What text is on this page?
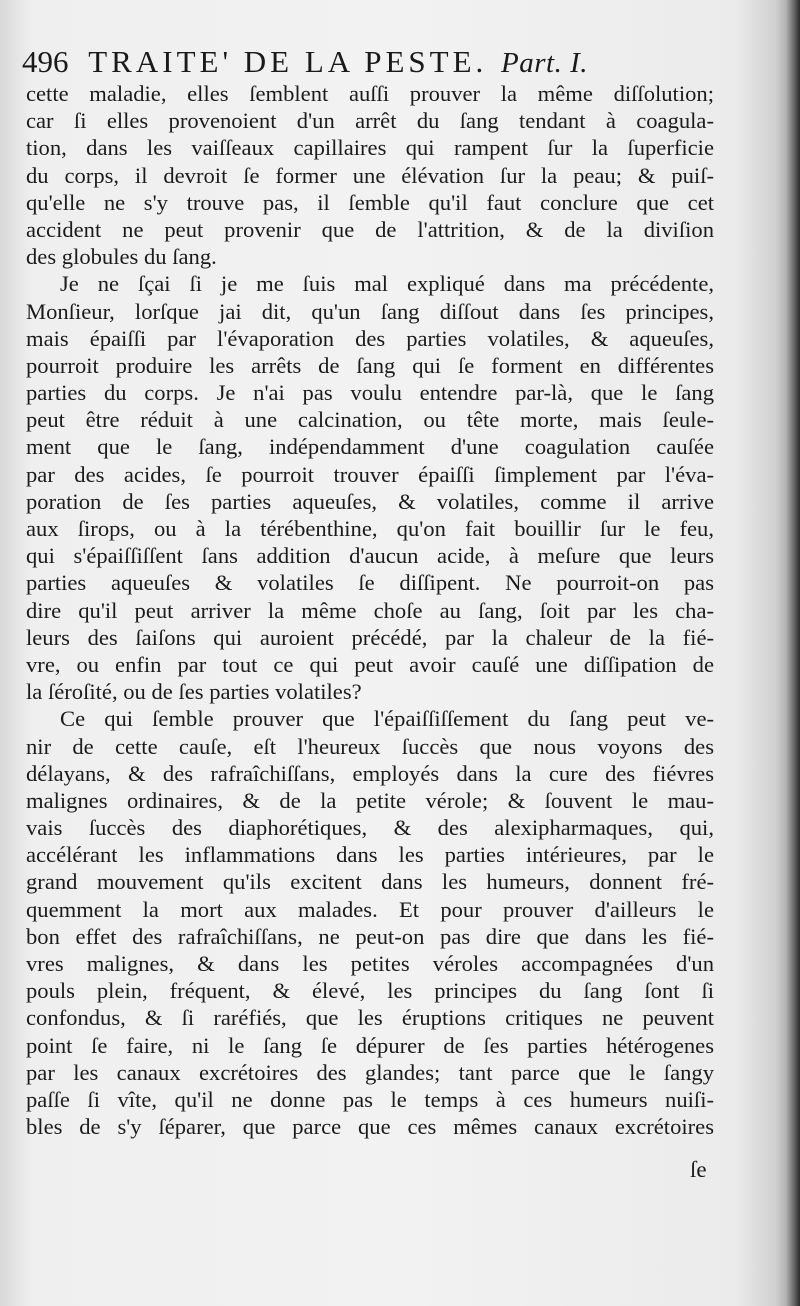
496 TRAITE' DE LA PESTE. Part. I.
cette maladie, elles ſemblent auſſi prouver la même diſſolution;
car ſi elles provenoient d'un arrêt du ſang tendant à coagula-
tion, dans les vaiſſeaux capillaires qui rampent ſur la ſuperficie
du corps, il devroit ſe former une élévation ſur la peau; & puiſ-
qu'elle ne s'y trouve pas, il ſemble qu'il faut conclure que cet
accident ne peut provenir que de l'attrition, & de la diviſion
des globules du ſang.
Je ne ſçai ſi je me ſuis mal expliqué dans ma précédente,
Monſieur, lorſque jai dit, qu'un ſang diſſout dans ſes principes,
mais épaiſſi par l'évaporation des parties volatiles, & aqueuſes,
pourroit produire les arrêts de ſang qui ſe forment en différentes
parties du corps. Je n'ai pas voulu entendre par-là, que le ſang
peut être réduit à une calcination, ou tête morte, mais ſeule-
ment que le ſang, indépendamment d'une coagulation cauſée
par des acides, ſe pourroit trouver épaiſſi ſimplement par l'éva-
poration de ſes parties aqueuſes, & volatiles, comme il arrive
aux ſirops, ou à la térébenthine, qu'on fait bouillir ſur le feu,
qui s'épaiſſiſſent ſans addition d'aucun acide, à meſure que leurs
parties aqueuſes & volatiles ſe diſſipent. Ne pourroit-on pas
dire qu'il peut arriver la même choſe au ſang, ſoit par les cha-
leurs des ſaiſons qui auroient précédé, par la chaleur de la fié-
vre, ou enfin par tout ce qui peut avoir cauſé une diſſipation de
la ſéroſité, ou de ſes parties volatiles?
Ce qui ſemble prouver que l'épaiſſiſſement du ſang peut ve-
nir de cette cauſe, eſt l'heureux ſuccès que nous voyons des
délayans, & des rafraîchiſſans, employés dans la cure des fiévres
malignes ordinaires, & de la petite vérole; & ſouvent le mau-
vais ſuccès des diaphorétiques, & des alexipharmaques, qui,
accélérant les inflammations dans les parties intérieures, par le
grand mouvement qu'ils excitent dans les humeurs, donnent fré-
quemment la mort aux malades. Et pour prouver d'ailleurs le
bon effet des rafraîchiſſans, ne peut-on pas dire que dans les fié-
vres malignes, & dans les petites véroles accompagnées d'un
pouls plein, fréquent, & élevé, les principes du ſang ſont ſi
confondus, & ſi raréfiés, que les éruptions critiques ne peuvent
point ſe faire, ni le ſang ſe dépurer de ſes parties hétérogenes
par les canaux excrétoires des glandes; tant parce que le ſangy
paſſe ſi vîte, qu'il ne donne pas le temps à ces humeurs nuiſi-
bles de s'y ſéparer, que parce que ces mêmes canaux excrétoires
ſe
